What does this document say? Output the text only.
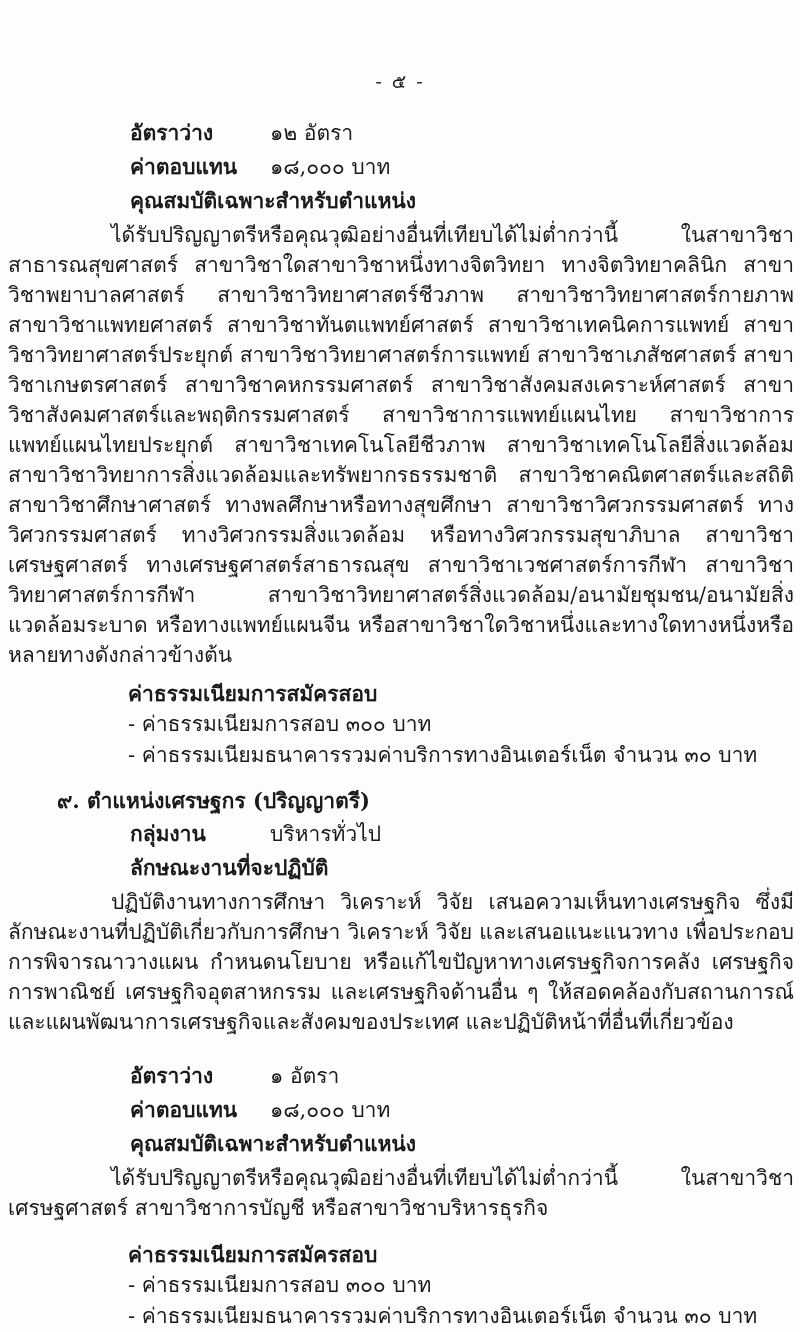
- ๕ -
อัตราว่าง	๑๒ อัตรา
ค่าตอบแทน	๑๘,๐๐๐ บาท
คุณสมบัติเฉพาะสำหรับตำแหน่ง

ได้รับปริญญาตรีหรือคุณวุฒิอย่างอื่นที่เทียบได้ไม่ต่ำกว่านี้ ในสาขาวิชาสาธารณสุขศาสตร์ สาขาวิชาใดสาขาวิชาหนึ่งทางจิตวิทยา ทางจิตวิทยาคลินิก สาขาวิชาพยาบาลศาสตร์ สาขาวิชาวิทยาศาสตร์ชีวภาพ สาขาวิชาวิทยาศาสตร์กายภาพ สาขาวิชาแพทยศาสตร์ สาขาวิชาทันตแพทย์ศาสตร์ สาขาวิชาเทคนิคการแพทย์ สาขาวิชาวิทยาศาสตร์ประยุกต์ สาขาวิชาวิทยาศาสตร์การแพทย์ สาขาวิชาเภสัชศาสตร์ สาขาวิชาเกษตรศาสตร์ สาขาวิชาคหกรรมศาสตร์ สาขาวิชาสังคมสงเคราะห์ศาสตร์ สาขาวิชาสังคมศาสตร์และพฤติกรรมศาสตร์ สาขาวิชาการแพทย์แผนไทย สาขาวิชาการแพทย์แผนไทยประยุกต์ สาขาวิชาเทคโนโลยีชีวภาพ สาขาวิชาเทคโนโลยีสิ่งแวดล้อม สาขาวิชาวิทยาการสิ่งแวดล้อมและทรัพยากรธรรมชาติ สาขาวิชาคณิตศาสตร์และสถิติ สาขาวิชาศึกษาศาสตร์ ทางพลศึกษาหรือทางสุขศึกษา สาขาวิชาวิศวกรรมศาสตร์ ทางวิศวกรรมศาสตร์ ทางวิศวกรรมสิ่งแวดล้อม หรือทางวิศวกรรมสุขาภิบาล สาขาวิชาเศรษฐศาสตร์ ทางเศรษฐศาสตร์สาธารณสุข สาขาวิชาเวชศาสตร์การกีฬา สาขาวิชาวิทยาศาสตร์การกีฬา สาขาวิชาวิทยาศาสตร์สิ่งแวดล้อม/อนามัยชุมชน/อนามัยสิ่งแวดล้อมระบาด หรือทางแพทย์แผนจีน หรือสาขาวิชาใดวิชาหนึ่งและทางใดทางหนึ่งหรือหลายทางดังกล่าวข้างต้น

ค่าธรรมเนียมการสมัครสอบ
- ค่าธรรมเนียมการสอบ ๓๐๐ บาท
- ค่าธรรมเนียมธนาคารรวมค่าบริการทางอินเตอร์เน็ต จำนวน ๓๐ บาท
๙. ตำแหน่งเศรษฐกร (ปริญญาตรี)
กลุ่มงาน	บริหารทั่วไป
ลักษณะงานที่จะปฏิบัติ

ปฏิบัติงานทางการศึกษา วิเคราะห์ วิจัย เสนอความเห็นทางเศรษฐกิจ ซึ่งมีลักษณะงานที่ปฏิบัติเกี่ยวกับการศึกษา วิเคราะห์ วิจัย และเสนอแนะแนวทาง เพื่อประกอบการพิจารณาวางแผน กำหนดนโยบาย หรือแก้ไขปัญหาทางเศรษฐกิจการคลัง เศรษฐกิจการพาณิชย์ เศรษฐกิจอุตสาหกรรม และเศรษฐกิจด้านอื่น ๆ ให้สอดคล้องกับสถานการณ์ และแผนพัฒนาการเศรษฐกิจและสังคมของประเทศ และปฏิบัติหน้าที่อื่นที่เกี่ยวข้อง

อัตราว่าง	๑ อัตรา
ค่าตอบแทน	๑๘,๐๐๐ บาท
คุณสมบัติเฉพาะสำหรับตำแหน่ง

ได้รับปริญญาตรีหรือคุณวุฒิอย่างอื่นที่เทียบได้ไม่ต่ำกว่านี้ ในสาขาวิชาเศรษฐศาสตร์ สาขาวิชาการบัญชี หรือสาขาวิชาบริหารธุรกิจ

ค่าธรรมเนียมการสมัครสอบ
- ค่าธรรมเนียมการสอบ ๓๐๐ บาท
- ค่าธรรมเนียมธนาคารรวมค่าบริการทางอินเตอร์เน็ต จำนวน ๓๐ บาท
